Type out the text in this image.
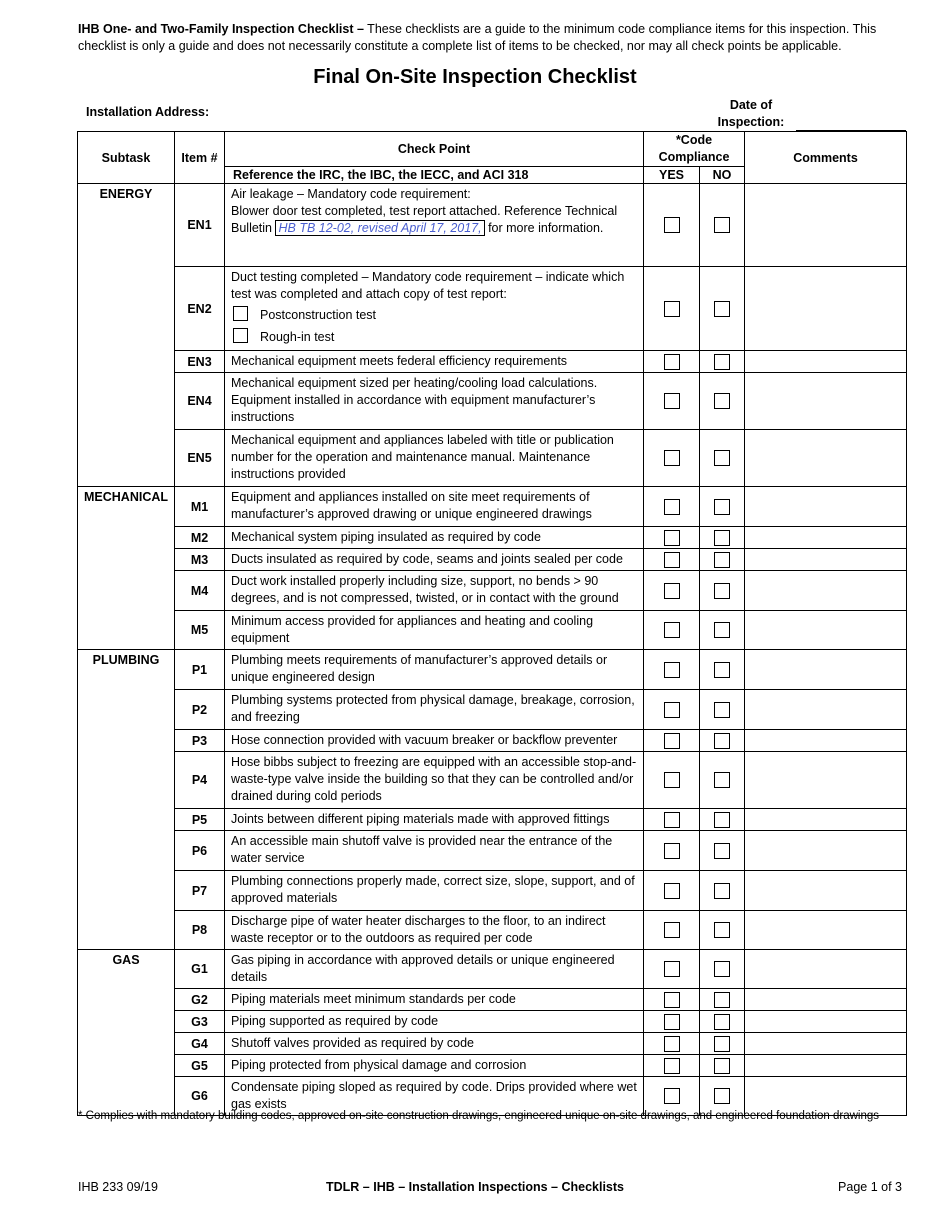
IHB One- and Two-Family Inspection Checklist – These checklists are a guide to the minimum code compliance items for this inspection. This checklist is only a guide and does not necessarily constitute a complete list of items to be checked, nor may all check points be applicable.
Final On-Site Inspection Checklist
Installation Address:	Date of Inspection:
Subtask	Item #	Check Point	*Code Compliance		Comments
		Reference the IRC, the IBC, the IECC, and ACI 318	YES	NO	
ENERGY	EN1	Air leakage – Mandatory code requirement:
Blower door test completed, test report attached. Reference Technical Bulletin HB TB 12-02, revised April 17, 2017, for more information.			

	EN2	Duct testing completed – Mandatory code requirement – indicate which test was completed and attach copy of test report:
Postconstruction test
Rough-in test			

	EN3	Mechanical equipment meets federal efficiency requirements			
	EN4	Mechanical equipment sized per heating/cooling load calculations. Equipment installed in accordance with equipment manufacturer’s instructions			
	EN5	Mechanical equipment and appliances labeled with title or publication number for the operation and maintenance manual. Maintenance instructions provided			
MECHANICAL	M1	Equipment and appliances installed on site meet requirements of manufacturer’s approved drawing or unique engineered drawings			
	M2	Mechanical system piping insulated as required by code			
	M3	Ducts insulated as required by code, seams and joints sealed per code			
	M4	Duct work installed properly including size, support, no bends > 90 degrees, and is not compressed, twisted, or in contact with the ground			
	M5	Minimum access provided for appliances and heating and cooling equipment			
PLUMBING	P1	Plumbing meets requirements of manufacturer’s approved details or unique engineered design			
	P2	Plumbing systems protected from physical damage, breakage, corrosion, and freezing			
	P3	Hose connection provided with vacuum breaker or backflow preventer			
	P4	Hose bibbs subject to freezing are equipped with an accessible stop-and-waste-type valve inside the building so that they can be controlled and/or drained during cold periods			
	P5	Joints between different piping materials made with approved fittings			
	P6	An accessible main shutoff valve is provided near the entrance of the water service			
	P7	Plumbing connections properly made, correct size, slope, support, and of approved materials			
	P8	Discharge pipe of water heater discharges to the floor, to an indirect waste receptor or to the outdoors as required per code			
GAS	G1	Gas piping in accordance with approved details or unique engineered details			
	G2	Piping materials meet minimum standards per code			
	G3	Piping supported as required by code			
	G4	Shutoff valves provided as required by code			
	G5	Piping protected from physical damage and corrosion			
	G6	Condensate piping sloped as required by code. Drips provided where wet gas exists			
* Complies with mandatory building codes, approved on-site construction drawings, engineered unique on-site drawings, and engineered foundation drawings
IHB 233 09/19	TDLR – IHB – Installation Inspections – Checklists	Page 1 of 3
